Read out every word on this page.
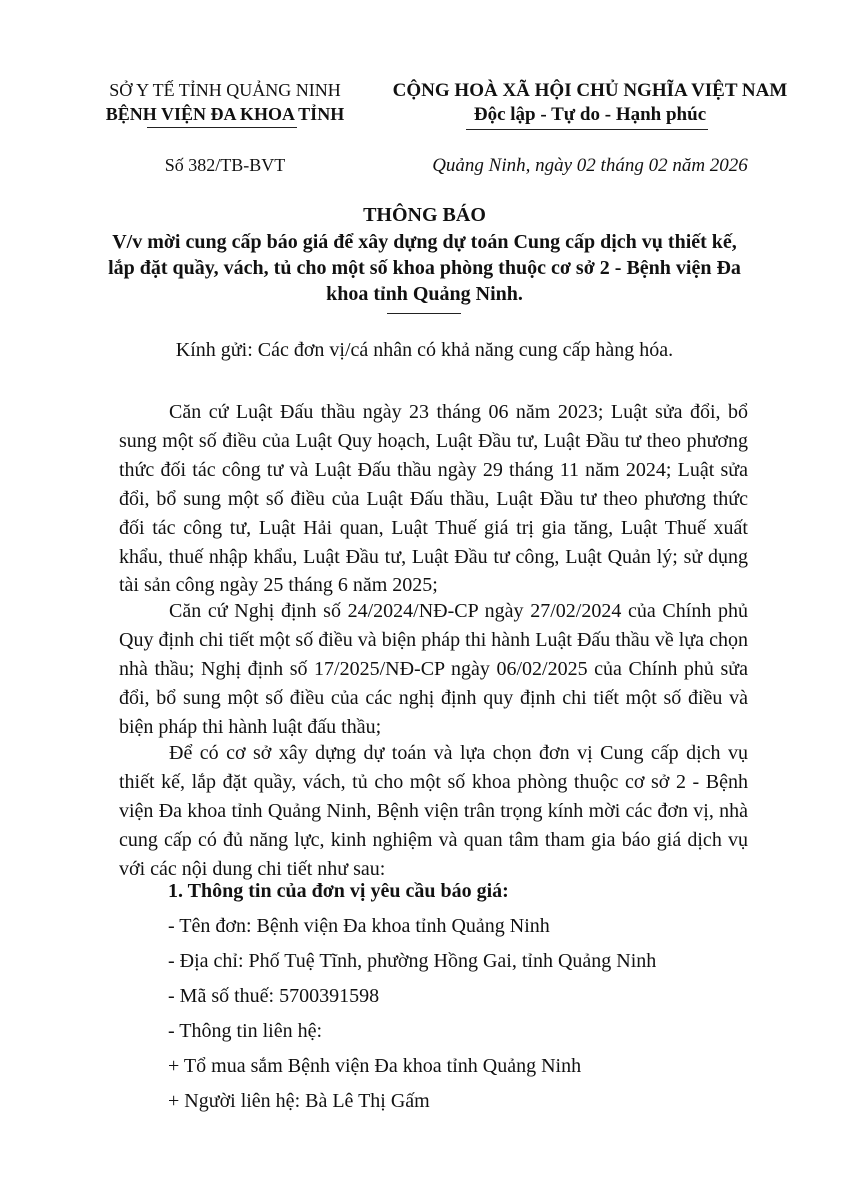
SỞ Y TẾ TỈNH QUẢNG NINH
BỆNH VIỆN ĐA KHOA TỈNH
Số 382/TB-BVT
CỘNG HOÀ XÃ HỘI CHỦ NGHĨA VIỆT NAM
Độc lập - Tự do - Hạnh phúc
Quảng Ninh, ngày 02 tháng 02 năm 2026
THÔNG BÁO
V/v mời cung cấp báo giá để xây dựng dự toán Cung cấp dịch vụ thiết kế,
lắp đặt quầy, vách, tủ cho một số khoa phòng thuộc cơ sở 2 - Bệnh viện Đa
khoa tỉnh Quảng Ninh.
Kính gửi: Các đơn vị/cá nhân có khả năng cung cấp hàng hóa.
Căn cứ Luật Đấu thầu ngày 23 tháng 06 năm 2023; Luật sửa đổi, bổ sung một số điều của Luật Quy hoạch, Luật Đầu tư, Luật Đầu tư theo phương thức đối tác công tư và Luật Đấu thầu ngày 29 tháng 11 năm 2024; Luật sửa đổi, bổ sung một số điều của Luật Đấu thầu, Luật Đầu tư theo phương thức đối tác công tư, Luật Hải quan, Luật Thuế giá trị gia tăng, Luật Thuế xuất khẩu, thuế nhập khẩu, Luật Đầu tư, Luật Đầu tư công, Luật Quản lý; sử dụng tài sản công ngày 25 tháng 6 năm 2025;
Căn cứ Nghị định số 24/2024/NĐ-CP ngày 27/02/2024 của Chính phủ Quy định chi tiết một số điều và biện pháp thi hành Luật Đấu thầu về lựa chọn nhà thầu; Nghị định số 17/2025/NĐ-CP ngày 06/02/2025 của Chính phủ sửa đổi, bổ sung một số điều của các nghị định quy định chi tiết một số điều và biện pháp thi hành luật đấu thầu;
Để có cơ sở xây dựng dự toán và lựa chọn đơn vị Cung cấp dịch vụ thiết kế, lắp đặt quầy, vách, tủ cho một số khoa phòng thuộc cơ sở 2 - Bệnh viện Đa khoa tỉnh Quảng Ninh, Bệnh viện trân trọng kính mời các đơn vị, nhà cung cấp có đủ năng lực, kinh nghiệm và quan tâm tham gia báo giá dịch vụ với các nội dung chi tiết như sau:
1. Thông tin của đơn vị yêu cầu báo giá:
- Tên đơn: Bệnh viện Đa khoa tỉnh Quảng Ninh
- Địa chỉ: Phố Tuệ Tĩnh, phường Hồng Gai, tỉnh Quảng Ninh
- Mã số thuế: 5700391598
- Thông tin liên hệ:
+ Tổ mua sắm Bệnh viện Đa khoa tỉnh Quảng Ninh
+ Người liên hệ: Bà Lê Thị Gấm
